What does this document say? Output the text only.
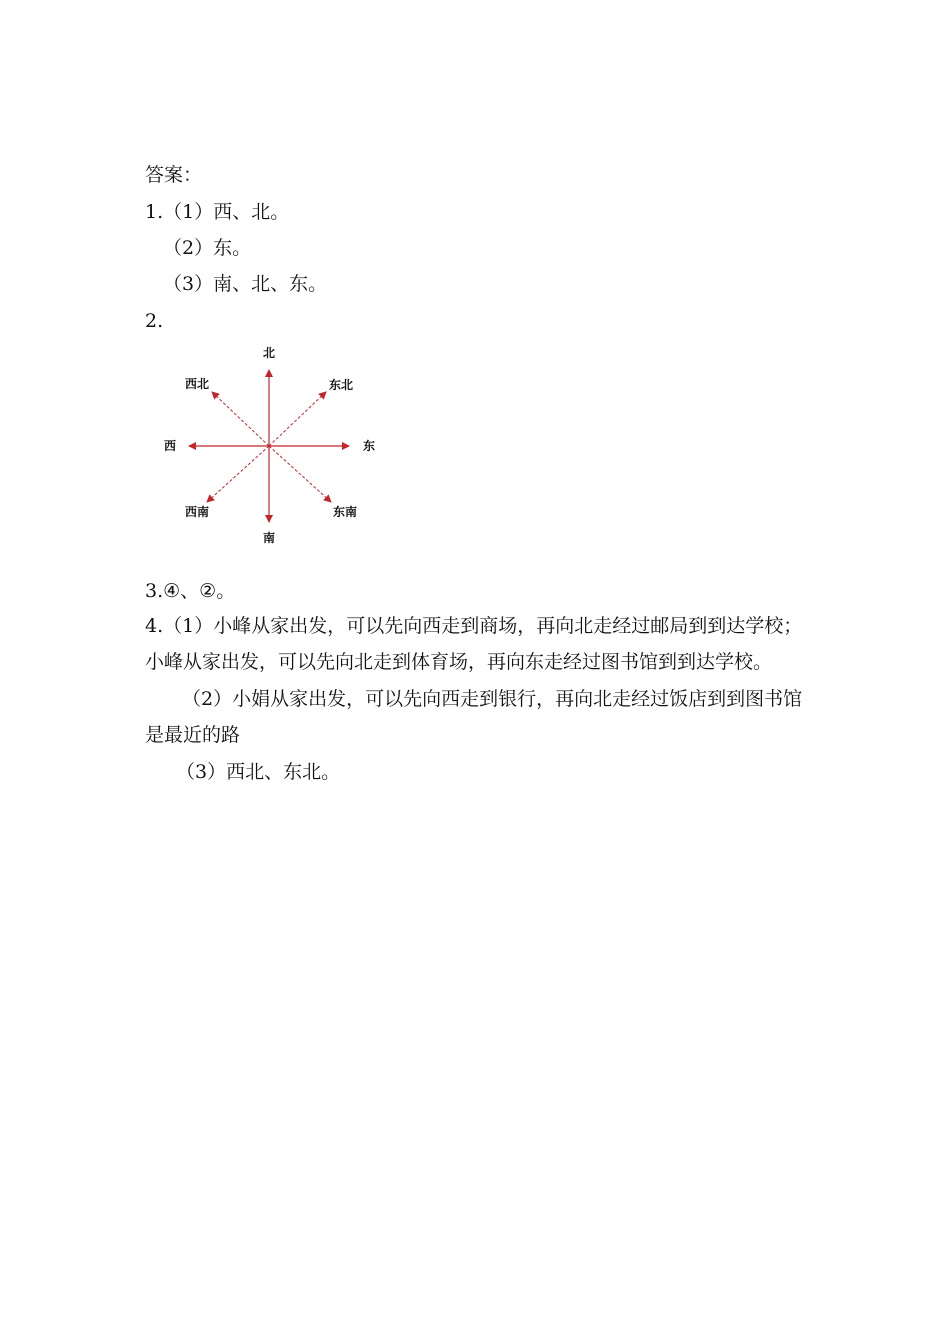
答案：
1.（1）西、北。
（2）东。
（3）南、北、东。
2.
北
南
东
西
东北
西北
东南
西南
3.④、②。
4.（1）小峰从家出发，可以先向西走到商场，再向北走经过邮局到到达学校；
小峰从家出发，可以先向北走到体育场，再向东走经过图书馆到到达学校。
（2）小娟从家出发，可以先向西走到银行，再向北走经过饭店到到图书馆
是最近的路
（3）西北、东北。
